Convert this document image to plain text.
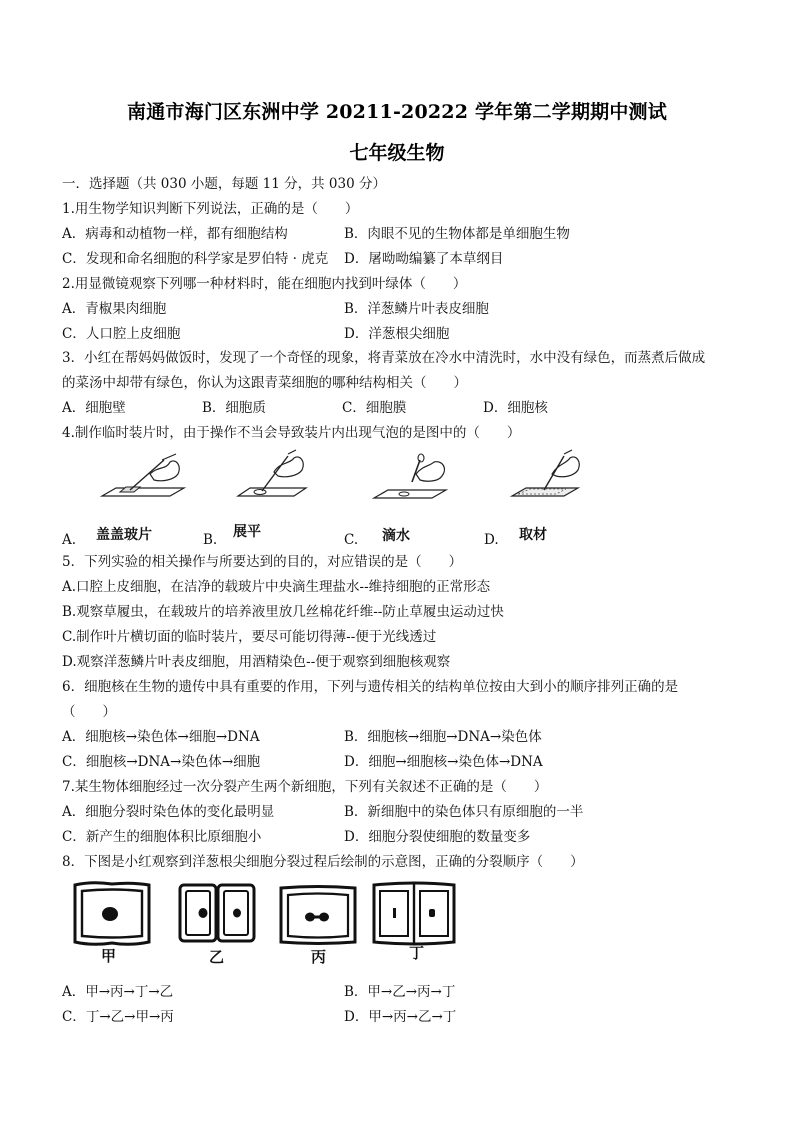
南通市海门区东洲中学 20211-20222 学年第二学期期中测试
七年级生物
一．选择题（共 030 小题，每题 11 分，共 030 分）
1.用生物学知识判断下列说法，正确的是（　　）
A．病毒和动植物一样，都有细胞结构	B．肉眼不见的生物体都是单细胞生物
C．发现和命名细胞的科学家是罗伯特 · 虎克 D．屠呦呦编纂了本草纲目
2.用显微镜观察下列哪一种材料时，能在细胞内找到叶绿体（　　）
A．青椒果肉细胞	B．洋葱鳞片叶表皮细胞
C．人口腔上皮细胞	D．洋葱根尖细胞
3．小红在帮妈妈做饭时，发现了一个奇怪的现象，将青菜放在冷水中清洗时，水中没有绿色，而蒸煮后做成
的菜汤中却带有绿色，你认为这跟青菜细胞的哪种结构相关（　　）
A．细胞壁	B．细胞质	C．细胞膜	D．细胞核
4.制作临时装片时，由于操作不当会导致装片内出现气泡的是图中的（　　）
A. 盖盖玻片	B. 展平	C. 滴水	D. 取材
5．下列实验的相关操作与所要达到的目的，对应错误的是（　　）
A.口腔上皮细胞，在洁净的载玻片中央滴生理盐水--维持细胞的正常形态
B.观察草履虫，在载玻片的培养液里放几丝棉花纤维--防止草履虫运动过快
C.制作叶片横切面的临时装片，要尽可能切得薄--便于光线透过
D.观察洋葱鳞片叶表皮细胞，用酒精染色--便于观察到细胞核观察
6．细胞核在生物的遗传中具有重要的作用，下列与遗传相关的结构单位按由大到小的顺序排列正确的是
（　　）
A．细胞核→染色体→细胞→DNA	B．细胞核→细胞→DNA→染色体
C．细胞核→DNA→染色体→细胞	D．细胞→细胞核→染色体→DNA
7.某生物体细胞经过一次分裂产生两个新细胞，下列有关叙述不正确的是（　　）
A．细胞分裂时染色体的变化最明显	B．新细胞中的染色体只有原细胞的一半
C．新产生的细胞体积比原细胞小	D．细胞分裂使细胞的数量变多
8．下图是小红观察到洋葱根尖细胞分裂过程后绘制的示意图，正确的分裂顺序（　　）
甲	乙	丙	丁
A．甲→丙→丁→乙	B．甲→乙→丙→丁
C．丁→乙→甲→丙	D．甲→丙→乙→丁
